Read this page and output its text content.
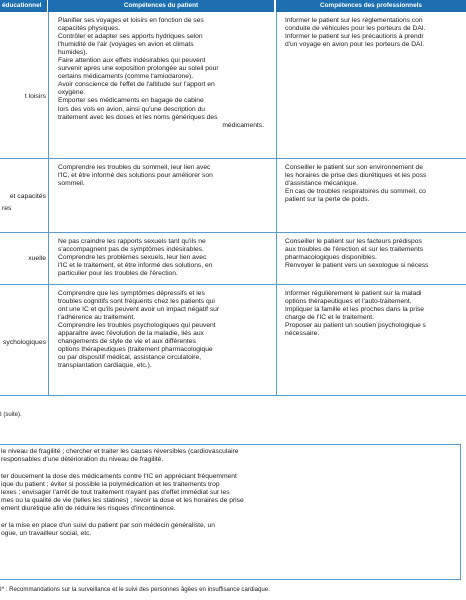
éducationnel	Compétences du patient	Compétences des professionnels
t loisirs
Planifier ses voyages et loisirs en fonction de ses
capacités physiques.
Contrôler et adapter ses apports hydriques selon
l'humidité de l'air (voyages en avion et climats
humides).
Faire attention aux effets indésirables qui peuvent
survenir après une exposition prolongée au soleil pour
certains médicaments (comme l'amiodarone).
Avoir conscience de l'effet de l'altitude sur l'apport en
oxygène.
Emporter ses médicaments en bagage de cabine
lors des vols en avion, ainsi qu'une description du
traitement avec les doses et les noms génériques des
médicaments.
Informer le patient sur les réglementations con
conduite de véhicules pour les porteurs de DAI.
Informer le patient sur les précautions à prendr
d'un voyage en avion pour les porteurs de DAI.
et capacités
res
Comprendre les troubles du sommeil, leur lien avec
l'IC, et être informé des solutions pour améliorer son
sommeil.
Conseiller le patient sur son environnement de
les horaires de prise des diurétiques et les poss
d'assistance mécanique.
En cas de troubles respiratoires du sommeil, co
patient sur la perte de poids.
xuelle
Ne pas craindre les rapports sexuels tant qu'ils ne
s'accompagnent pas de symptômes indésirables.
Comprendre les problèmes sexuels, leur lien avec
l'IC et le traitement, et être informé des solutions, en
particulier pour les troubles de l'érection.
Conseiller le patient sur les facteurs prédispos
aux troubles de l'érection et sur les traitements
pharmacologiques disponibles.
Renvoyer le patient vers un sexologue si nécess
sychologiques
Comprendre que les symptômes dépressifs et les
troubles cognitifs sont fréquents chez les patients qui
ont une IC et qu'ils peuvent avoir un impact négatif sur
l'adhérence au traitement.
Comprendre les troubles psychologiques qui peuvent
apparaître avec l'évolution de la maladie, liés aux
changements de style de vie et aux différentes
options thérapeutiques (traitement pharmacologique
ou par dispositif médical, assistance circulatoire,
transplantation cardiaque, etc.).
Informer régulièrement le patient sur la maladi
options thérapeutiques et l'auto-traitement.
Impliquer la famille et les proches dans la prise
charge de l'IC et le traitement.
Proposer au patient un soutien psychologique s
nécessaire.
I (suite).
le niveau de fragilité ; chercher et traiter les causes réversibles (cardiovasculaire
responsables d'une détérioration du niveau de fragilité.
ter doucement la dose des médicaments contre l'IC en appréciant fréquemment
ique du patient ; éviter si possible la polymédication et les traitements trop
lexes ; envisager l'arrêt de tout traitement n'ayant pas d'effet immédiat sur les
mes ou la qualité de vie (telles les statines) ; revoir la dose et les horaires de prise
ement diurétique afin de réduire les risques d'incontinence.
er la mise en place d'un suivi du patient par son médecin généraliste, un
ogue, un travailleur social, etc.
I* : Recommandations sur la surveillance et le suivi des personnes âgées en insuffisance cardiaque.
